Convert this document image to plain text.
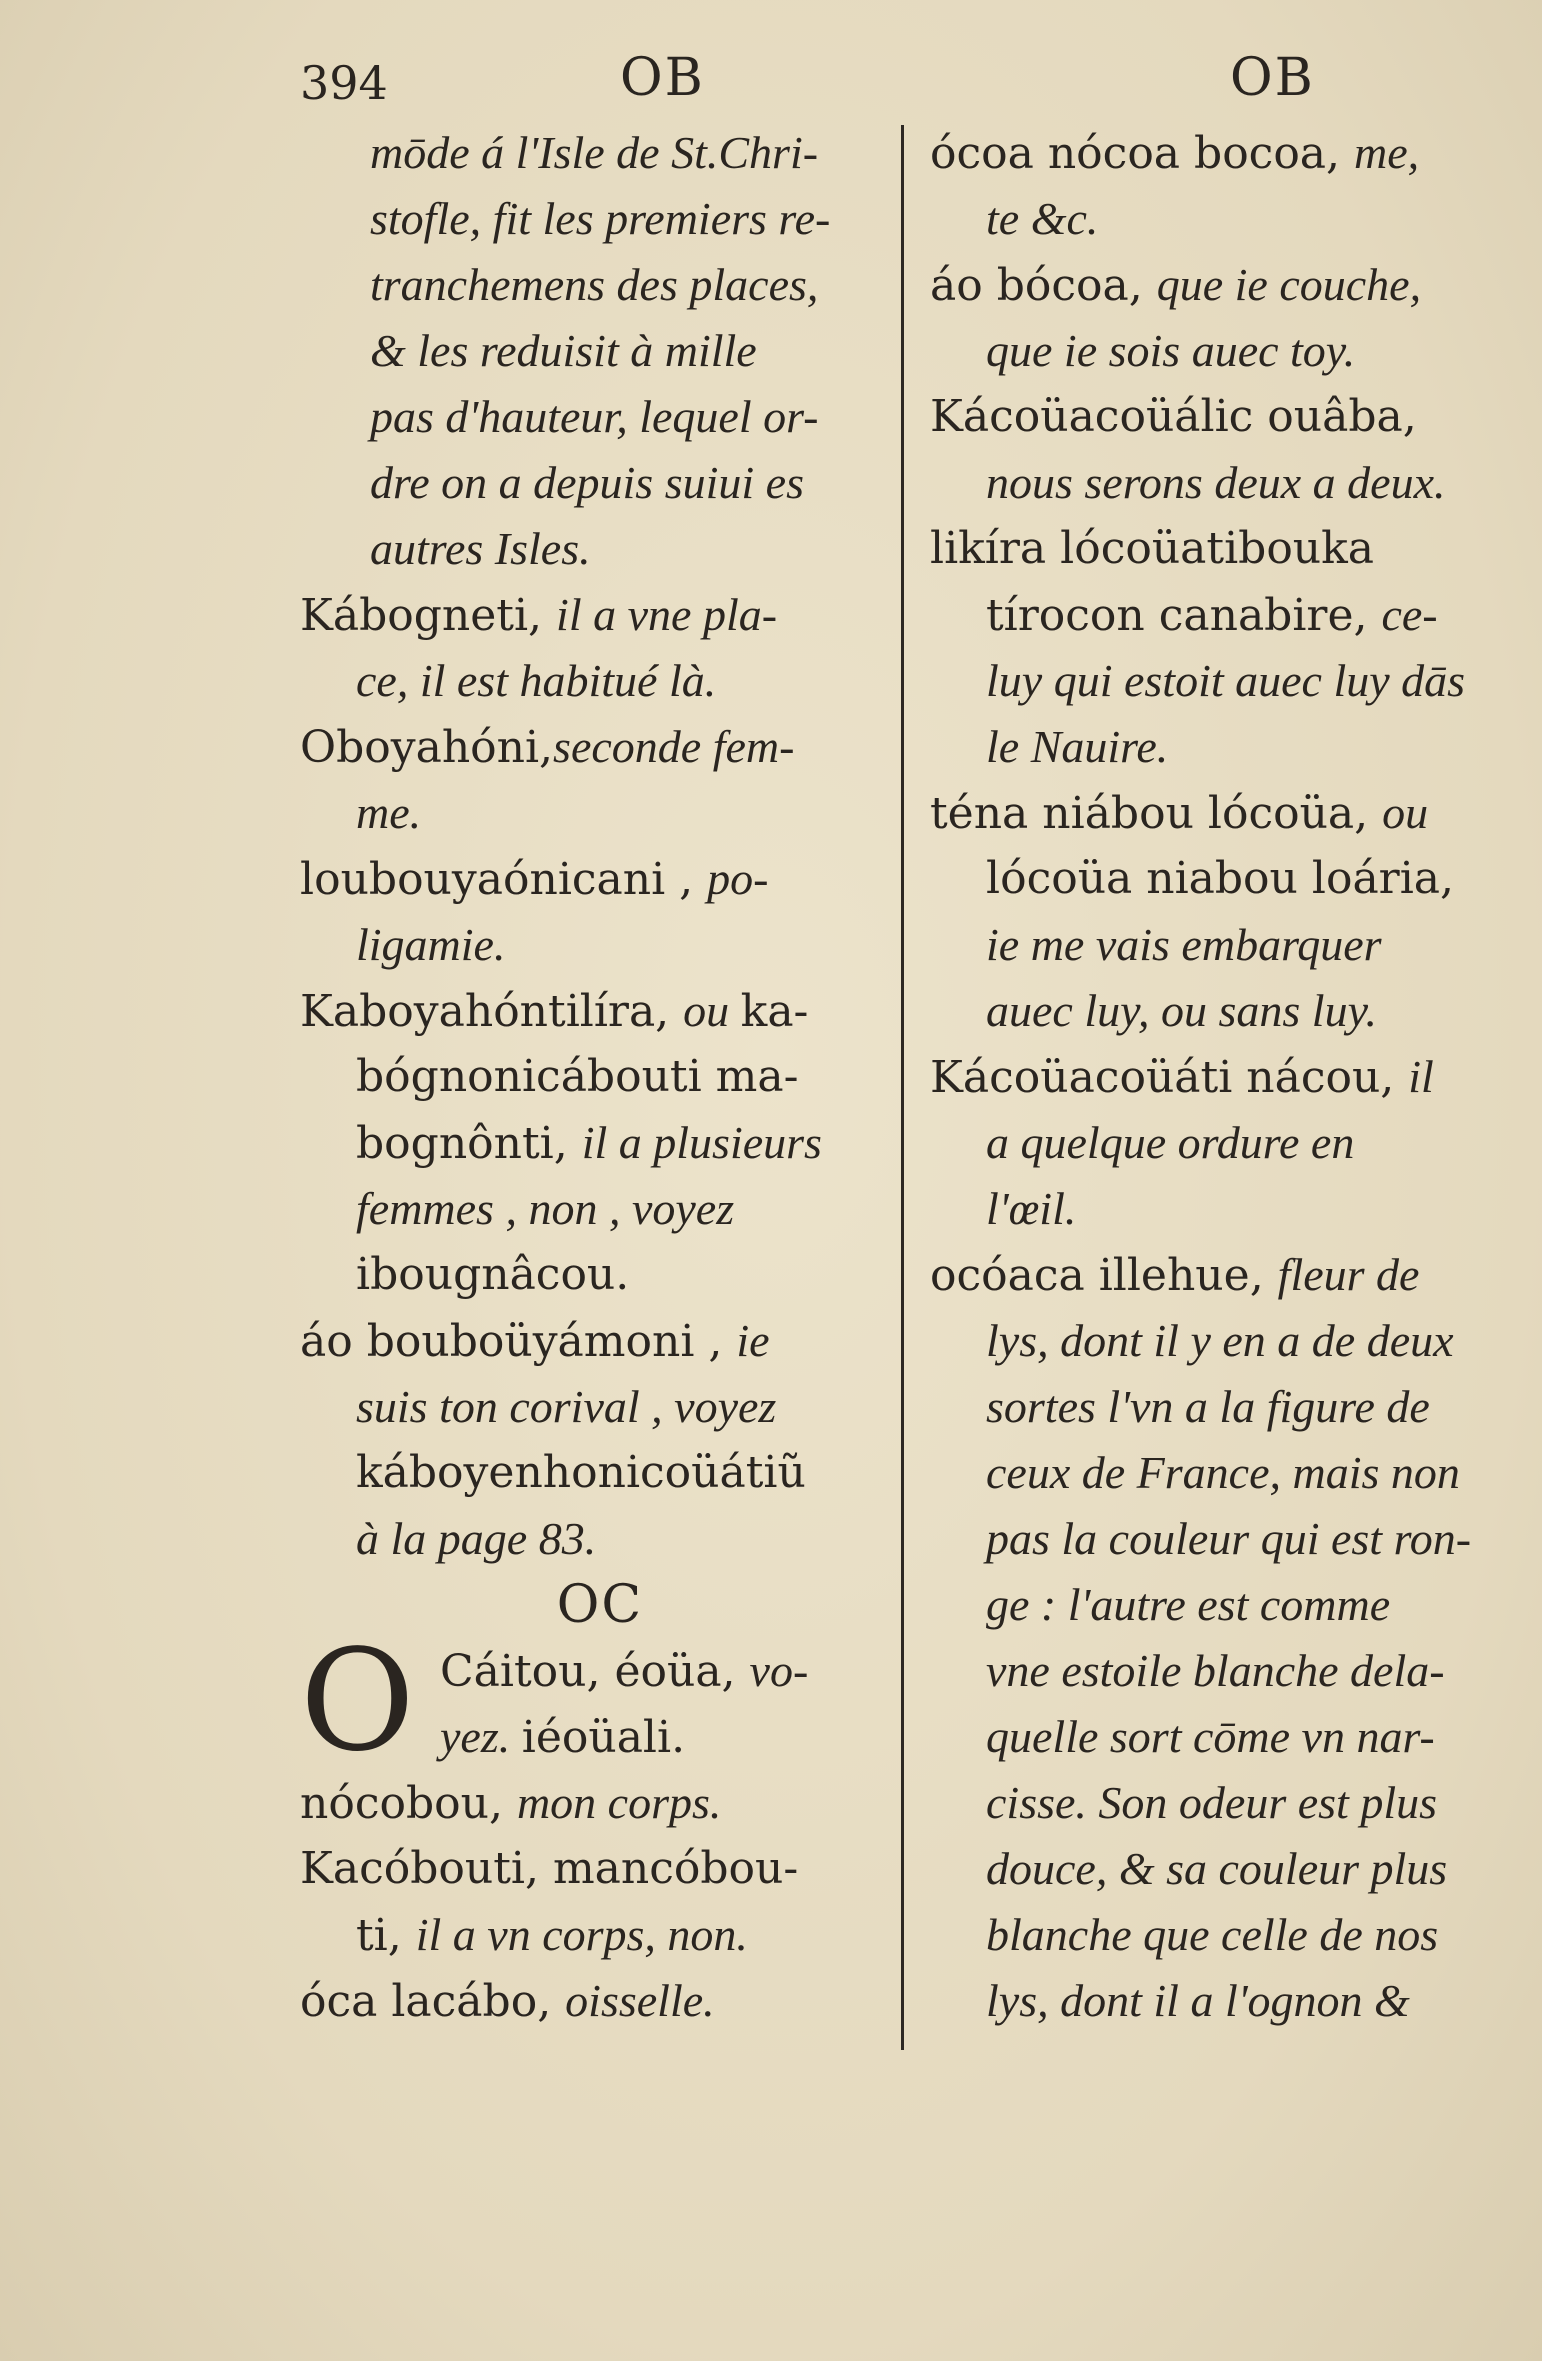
394	OB	OB
mōde á l'Isle de St.Chri-
stofle, fit les premiers re-
tranchemens des places,
& les reduisit à mille
pas d'hauteur, lequel or-
dre on a depuis suiui es
autres Isles.
Kábogneti, il a vne pla-
ce, il est habitué là.
Oboyahóni,seconde fem-
me.
loubouyaónicani , po-
ligamie.
Kaboyahóntilíra, ou ka-
bógnonicábouti ma-
bognônti, il a plusieurs
femmes , non , voyez
ibougnâcou.
áo bouboüyámoni , ie
suis ton corival , voyez
káboyenhonicoüátiũ
à la page 83.
OC
O Cáitou, éoüa, vo-
yez. iéoüali.
nócobou, mon corps.
Kacóbouti, mancóbou-
ti, il a vn corps, non.
óca lacábo, oisselle.
ócoa nócoa bocoa, me,
te &c.
áo bócoa, que ie couche,
que ie sois auec toy.
Kácoüacoüálic ouâba,
nous serons deux a deux.
likíra lócoüatibouka
tírocon canabire, ce-
luy qui estoit auec luy dās
le Nauire.
téna niábou lócoüa, ou
lócoüa niabou loária,
ie me vais embarquer
auec luy, ou sans luy.
Kácoüacoüáti nácou, il
a quelque ordure en
l'œil.
ocóaca illehue, fleur de
lys, dont il y en a de deux
sortes l'vn a la figure de
ceux de France, mais non
pas la couleur qui est ron-
ge : l'autre est comme
vne estoile blanche dela-
quelle sort cōme vn nar-
cisse. Son odeur est plus
douce, & sa couleur plus
blanche que celle de nos
lys, dont il a l'ognon &
